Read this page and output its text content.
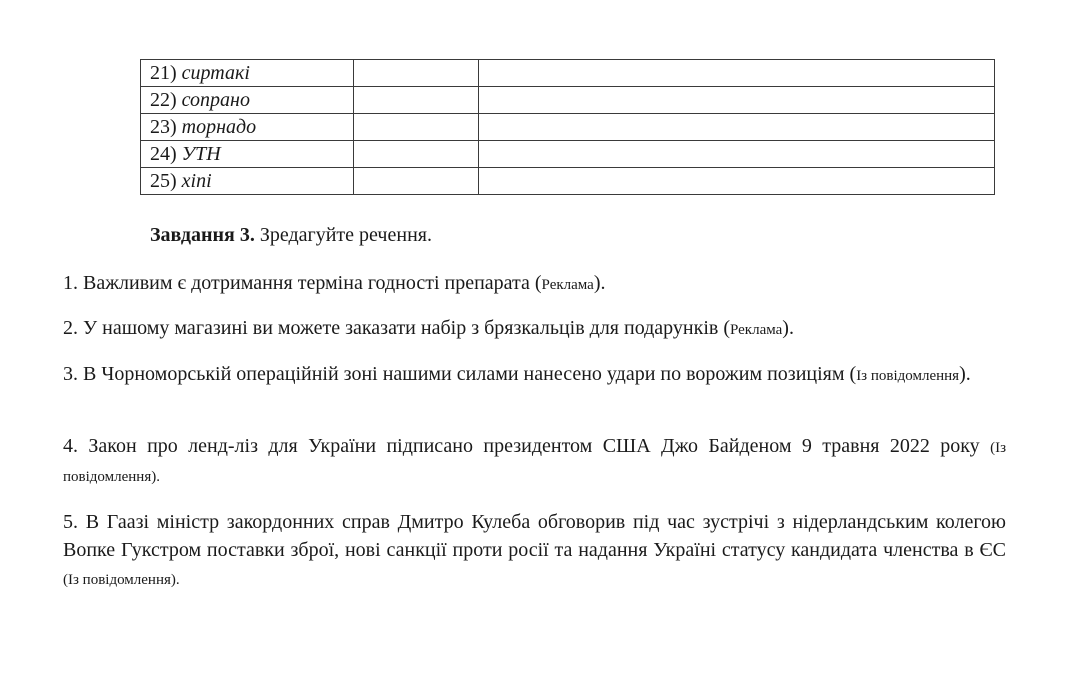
21) сиртакі		
22) сопрано		
23) торнадо		
24) УТН		
25) хіпі		
Завдання 3. Зредагуйте речення.
1. Важливим є дотримання терміна годності препарата (Реклама).
2. У нашому магазині ви можете заказати набір з брязкальців для подарунків (Реклама).
3. В Чорноморській операційній зоні нашими силами нанесено удари по ворожим позиціям (Із повідомлення).
4. Закон про ленд-ліз для України підписано президентом США Джо Байденом 9 травня 2022 року (Із повідомлення).
5. В Гаазі міністр закордонних справ Дмитро Кулеба обговорив під час зустрічі з нідерландським колегою Вопке Гукстром поставки зброї, нові санкції проти росії та надання Україні статусу кандидата членства в ЄС (Із повідомлення).
